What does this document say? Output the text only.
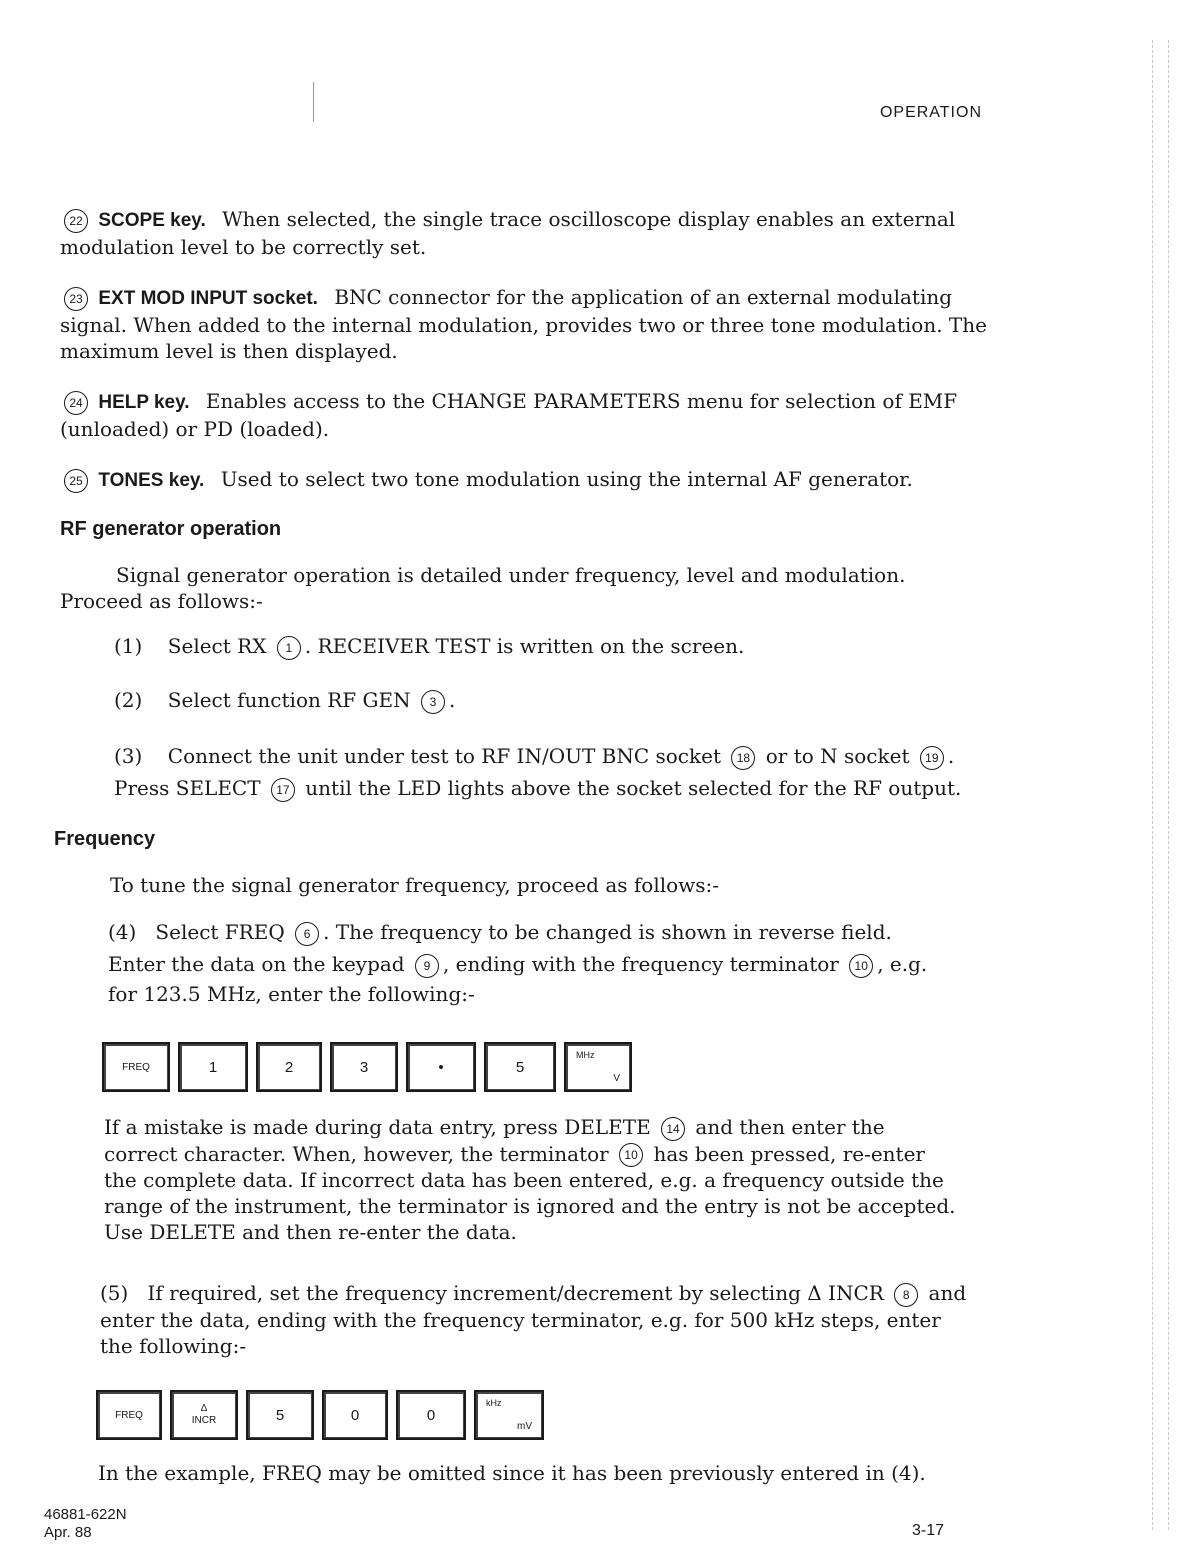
OPERATION
22 SCOPE key. When selected, the single trace oscilloscope display enables an external modulation level to be correctly set.
23 EXT MOD INPUT socket. BNC connector for the application of an external modulating signal. When added to the internal modulation, provides two or three tone modulation. The maximum level is then displayed.
24 HELP key. Enables access to the CHANGE PARAMETERS menu for selection of EMF (unloaded) or PD (loaded).
25 TONES key. Used to select two tone modulation using the internal AF generator.
RF generator operation
Signal generator operation is detailed under frequency, level and modulation. Proceed as follows:-
(1) Select RX 1 . RECEIVER TEST is written on the screen.
(2) Select function RF GEN 3 .
(3) Connect the unit under test to RF IN/OUT BNC socket 18 or to N socket 19 .
Press SELECT 17 until the LED lights above the socket selected for the RF output.
Frequency
To tune the signal generator frequency, proceed as follows:-
(4) Select FREQ 6 . The frequency to be changed is shown in reverse field.
Enter the data on the keypad 9 , ending with the frequency terminator 10 , e.g.
for 123.5 MHz, enter the following:-
FREQ	1	2	3	•	5
MHz
V
If a mistake is made during data entry, press DELETE 14 and then enter the
correct character. When, however, the terminator 10 has been pressed, re-enter
the complete data. If incorrect data has been entered, e.g. a frequency outside the range of the instrument, the terminator is ignored and the entry is not be accepted. Use DELETE and then re-enter the data.
(5) If required, set the frequency increment/decrement by selecting Δ INCR 8 and enter the data, ending with the frequency terminator, e.g. for 500 kHz steps, enter the following:-
FREQ
Δ
INCR	5	0	0
kHz
mV
In the example, FREQ may be omitted since it has been previously entered in (4).
46881-622N
Apr. 88	3-17
